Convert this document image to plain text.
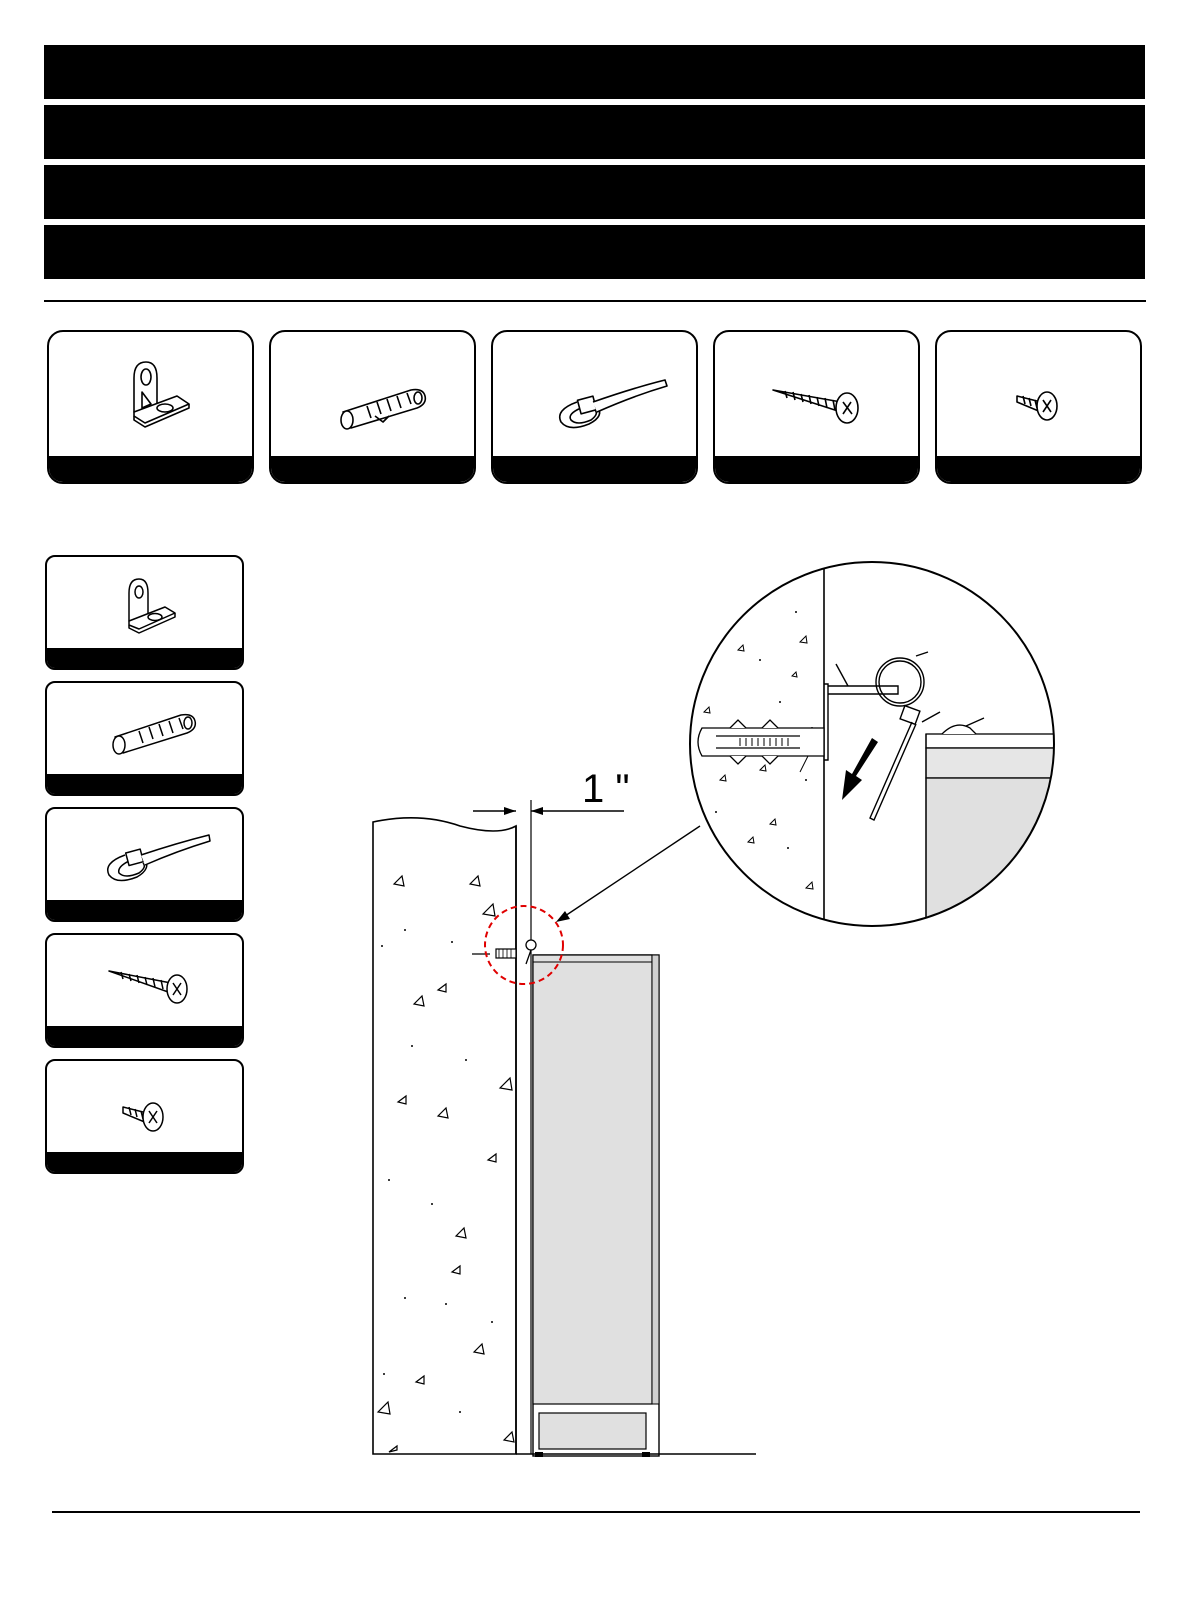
1 "
